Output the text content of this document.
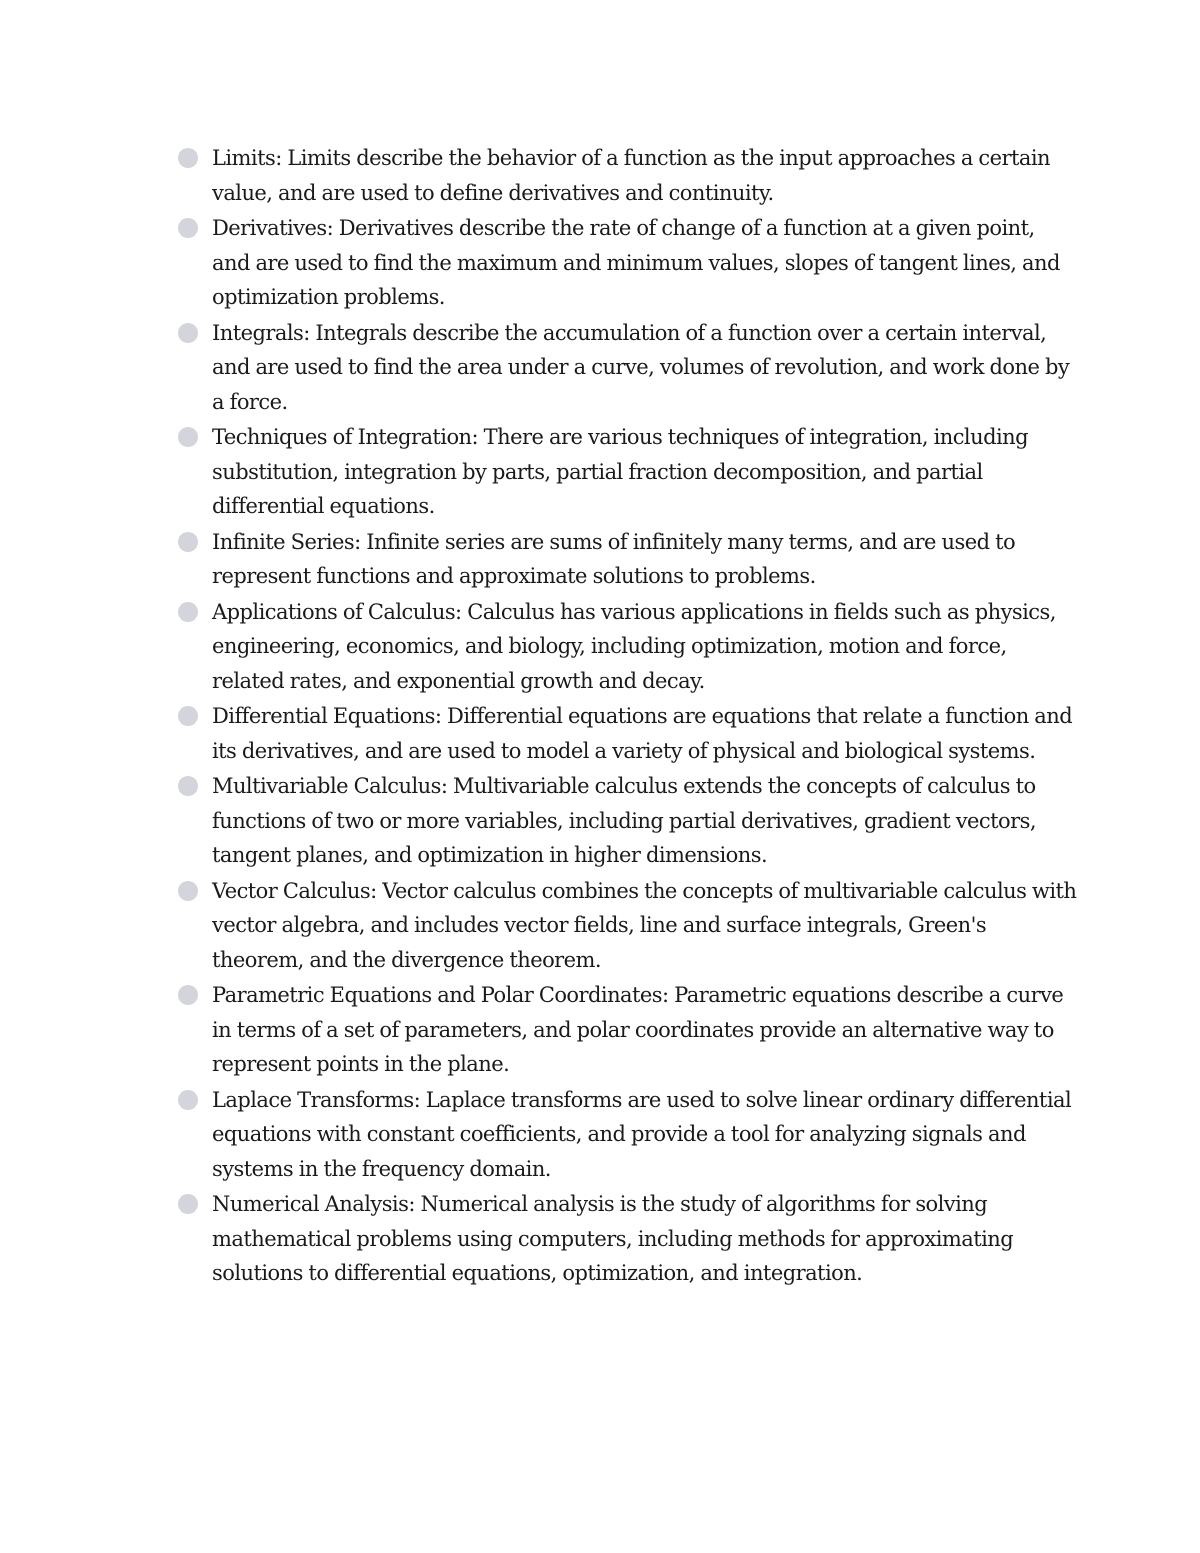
Limits: Limits describe the behavior of a function as the input approaches a certain value, and are used to define derivatives and continuity.
Derivatives: Derivatives describe the rate of change of a function at a given point, and are used to find the maximum and minimum values, slopes of tangent lines, and optimization problems.
Integrals: Integrals describe the accumulation of a function over a certain interval, and are used to find the area under a curve, volumes of revolution, and work done by a force.
Techniques of Integration: There are various techniques of integration, including substitution, integration by parts, partial fraction decomposition, and partial differential equations.
Infinite Series: Infinite series are sums of infinitely many terms, and are used to represent functions and approximate solutions to problems.
Applications of Calculus: Calculus has various applications in fields such as physics, engineering, economics, and biology, including optimization, motion and force, related rates, and exponential growth and decay.
Differential Equations: Differential equations are equations that relate a function and its derivatives, and are used to model a variety of physical and biological systems.
Multivariable Calculus: Multivariable calculus extends the concepts of calculus to functions of two or more variables, including partial derivatives, gradient vectors, tangent planes, and optimization in higher dimensions.
Vector Calculus: Vector calculus combines the concepts of multivariable calculus with vector algebra, and includes vector fields, line and surface integrals, Green's theorem, and the divergence theorem.
Parametric Equations and Polar Coordinates: Parametric equations describe a curve in terms of a set of parameters, and polar coordinates provide an alternative way to represent points in the plane.
Laplace Transforms: Laplace transforms are used to solve linear ordinary differential equations with constant coefficients, and provide a tool for analyzing signals and systems in the frequency domain.
Numerical Analysis: Numerical analysis is the study of algorithms for solving mathematical problems using computers, including methods for approximating solutions to differential equations, optimization, and integration.
